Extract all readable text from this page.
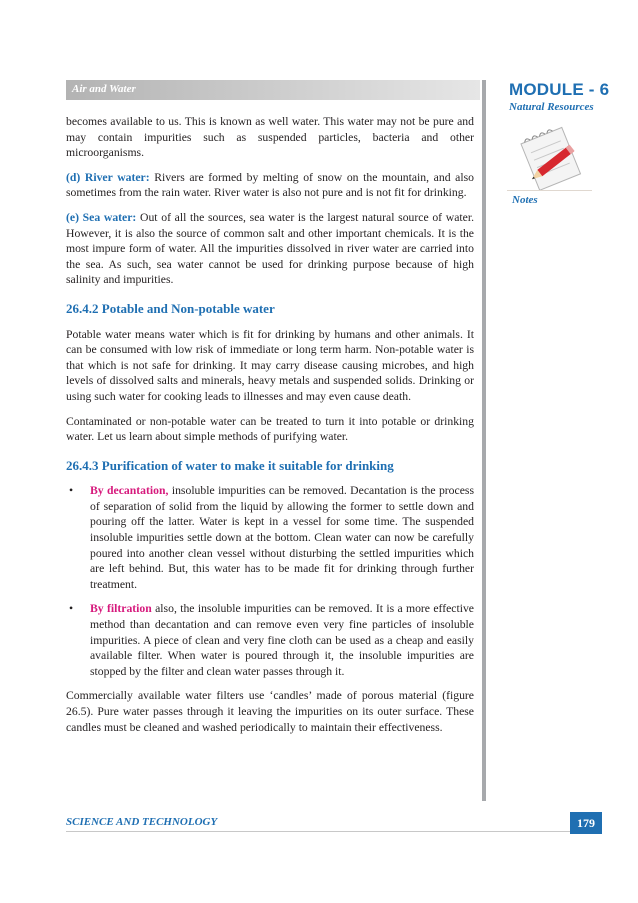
Air and Water	MODULE - 6
Natural Resources
Notes

becomes available to us. This is known as well water. This water may not be pure and may contain impurities such as suspended particles, bacteria and other microorganisms.

(d) River water: Rivers are formed by melting of snow on the mountain, and also sometimes from the rain water. River water is also not pure and is not fit for drinking.

(e) Sea water: Out of all the sources, sea water is the largest natural source of water. However, it is also the source of common salt and other important chemicals. It is the most impure form of water. All the impurities dissolved in river water are carried into the sea. As such, sea water cannot be used for drinking purpose because of high salinity and impurities.

26.4.2 Potable and Non-potable water

Potable water means water which is fit for drinking by humans and other animals. It can be consumed with low risk of immediate or long term harm. Non-potable water is that which is not safe for drinking. It may carry disease causing microbes, and high levels of dissolved salts and minerals, heavy metals and suspended solids. Drinking or using such water for cooking leads to illnesses and may even cause death.

Contaminated or non-potable water can be treated to turn it into potable or drinking water. Let us learn about simple methods of purifying water.

26.4.3 Purification of water to make it suitable for drinking
• By decantation, insoluble impurities can be removed. Decantation is the process of separation of solid from the liquid by allowing the former to settle down and pouring off the latter. Water is kept in a vessel for some time. The suspended insoluble impurities settle down at the bottom. Clean water can now be carefully poured into another clean vessel without disturbing the settled impurities which are left behind. But, this water has to be made fit for drinking through further treatment.
• By filtration also, the insoluble impurities can be removed. It is a more effective method than decantation and can remove even very fine particles of insoluble impurities. A piece of clean and very fine cloth can be used as a cheap and easily available filter. When water is poured through it, the insoluble impurities are stopped by the filter and clean water passes through it.

Commercially available water filters use ‘candles’ made of porous material (figure 26.5). Pure water passes through it leaving the impurities on its outer surface. These candles must be cleaned and washed periodically to maintain their effectiveness.

SCIENCE AND TECHNOLOGY	179
